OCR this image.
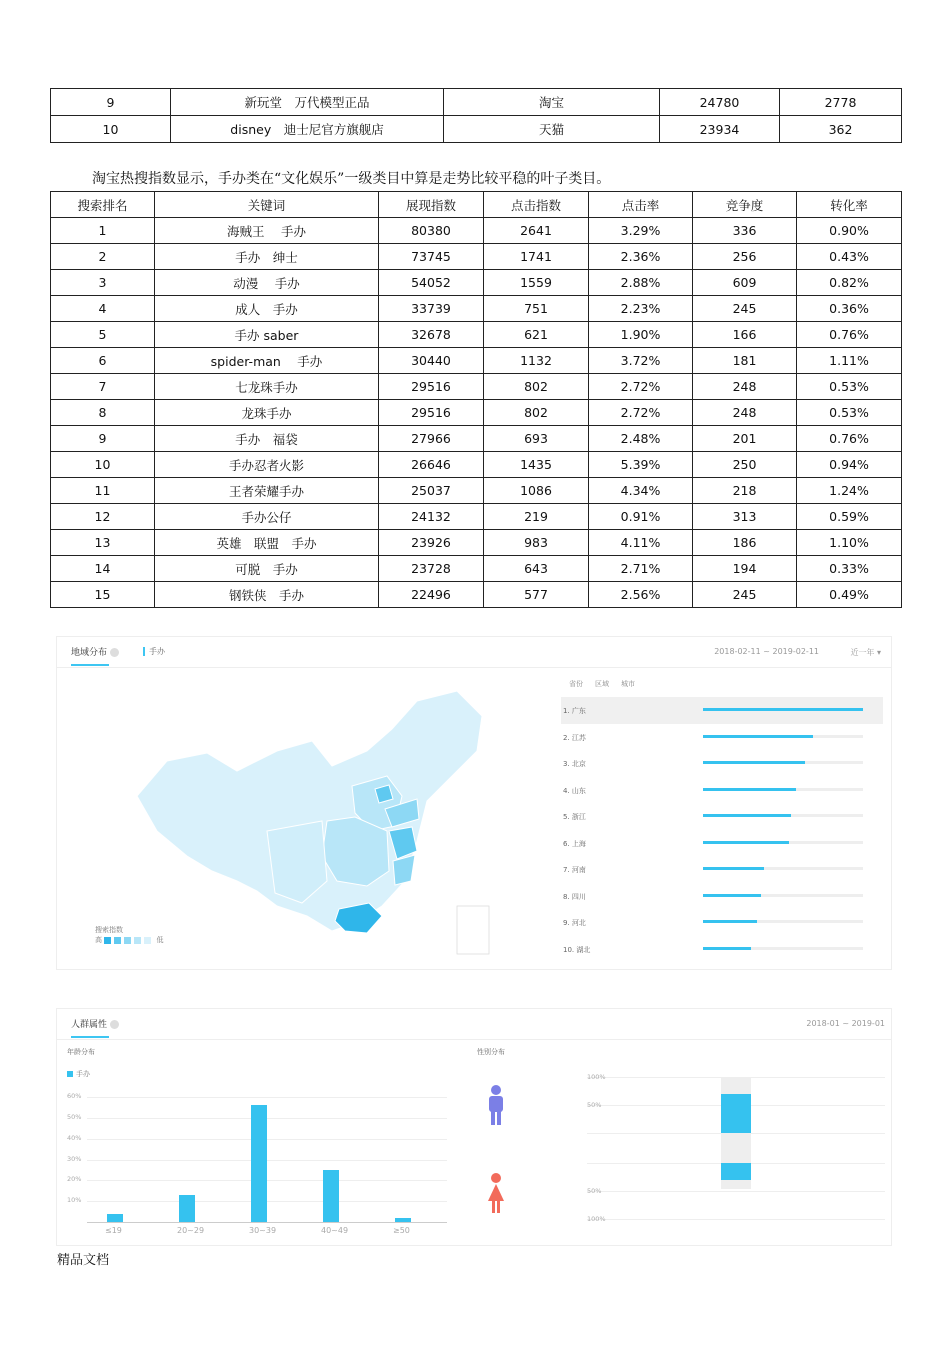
9	新玩堂　万代模型正品	淘宝	24780	2778
10	disney　迪士尼官方旗舰店	天猫	23934	362
淘宝热搜指数显示，手办类在“文化娱乐”一级类目中算是走势比较平稳的叶子类目。
搜索排名	关键词	展现指数	点击指数	点击率	竞争度	转化率
1	海贼王　 手办	80380	2641	3.29%	336	0.90%
2	手办　绅士	73745	1741	2.36%	256	0.43%
3	动漫　 手办	54052	1559	2.88%	609	0.82%
4	成人　手办	33739	751	2.23%	245	0.36%
5	手办 saber	32678	621	1.90%	166	0.76%
6	spider-man　 手办	30440	1132	3.72%	181	1.11%
7	七龙珠手办	29516	802	2.72%	248	0.53%
8	龙珠手办	29516	802	2.72%	248	0.53%
9	手办　福袋	27966	693	2.48%	201	0.76%
10	手办忍者火影	26646	1435	5.39%	250	0.94%
11	王者荣耀手办	25037	1086	4.34%	218	1.24%
12	手办公仔	24132	219	0.91%	313	0.59%
13	英雄　联盟　手办	23926	983	4.11%	186	1.10%
14	可脱　手办	23728	643	2.71%	194	0.33%
15	钢铁侠　手办	22496	577	2.56%	245	0.49%
地域分布	手办	2018-02-11 ~ 2019-02-11	近一年 ▾
搜索指数
高	低
省份 区域 城市
1. 广东
2. 江苏
3. 北京
4. 山东
5. 浙江
6. 上海
7. 河南
8. 四川
9. 河北
10. 湖北
人群属性	2018-01 ~ 2019-01
年龄分布
手办
60%
50%
40%
30%
20%
10%
≤19	20~29	30~39	40~49	≥50
性别分布
100%
50%
50%
100%
精品文档
